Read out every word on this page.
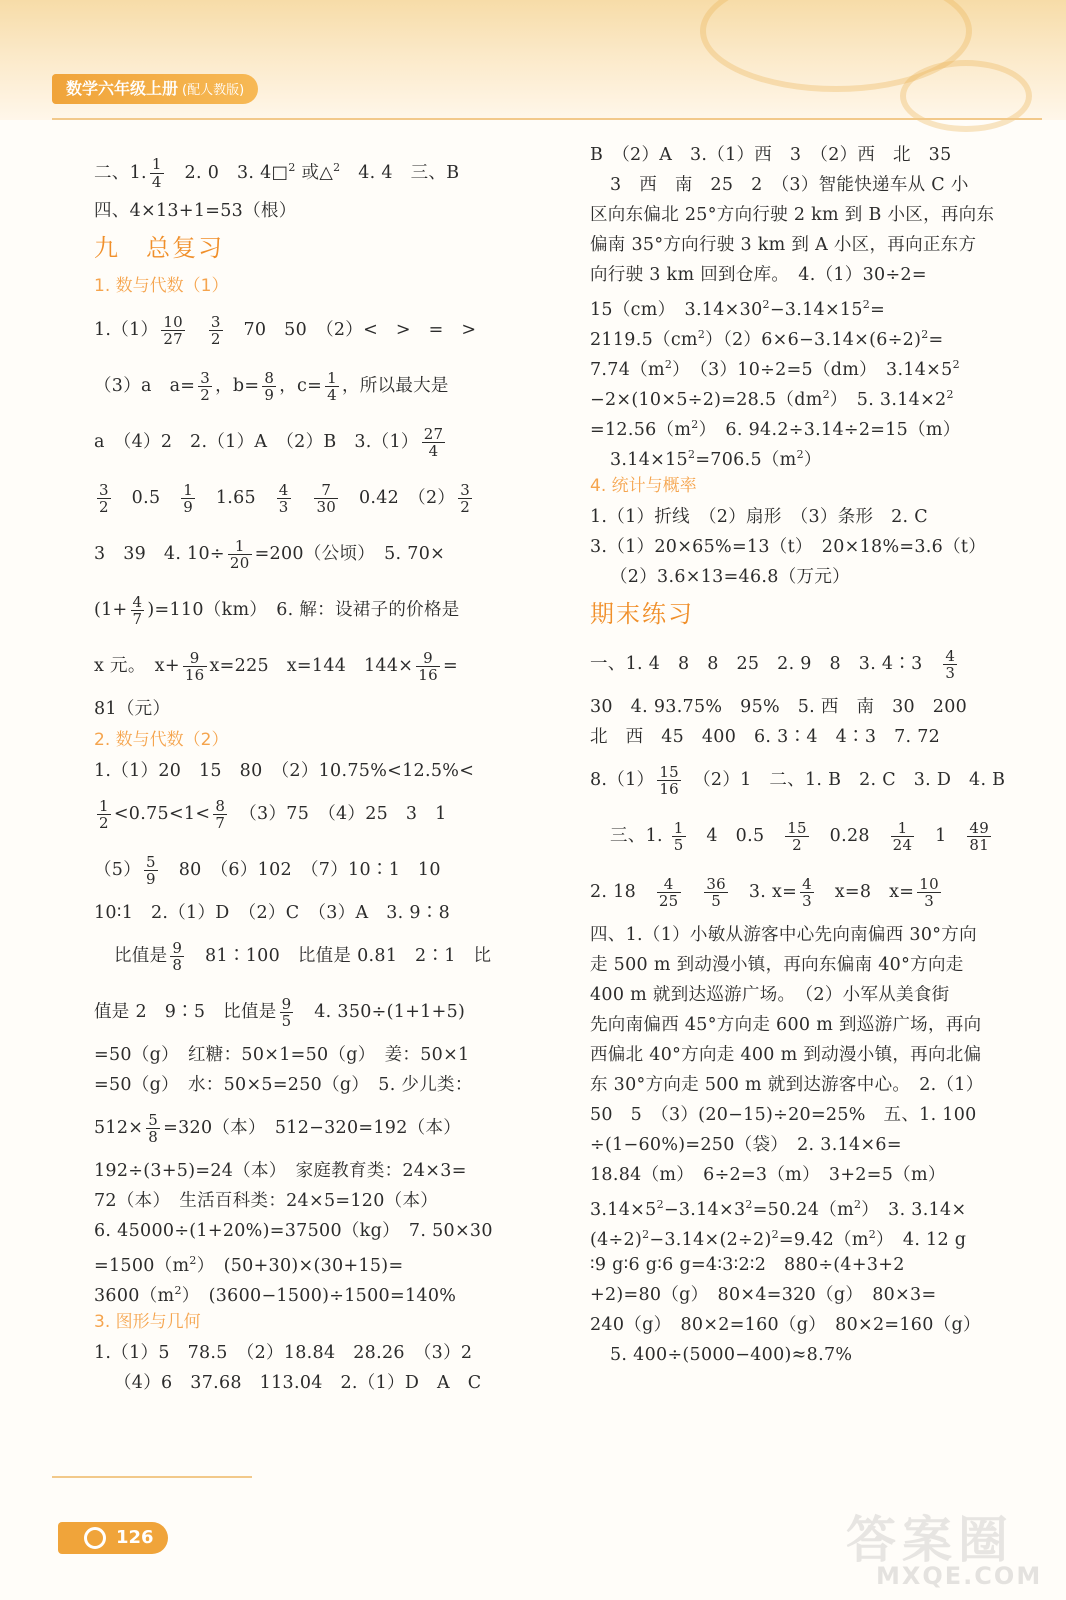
数学六年级上册 (配人教版)
二、1. $\frac{1}{4}$ 　2. 0　3. 4□$^2$ 或△$^2$　4. 4　三、B
四、4×13+1=53（根）
九　总复习
1. 数与代数（1）
$1.(1) \frac{10}{27}$
　 $\frac{3}{2}$ 　70　50　（2）<　>　=　>
（3）a　$a= \frac{3}{2}$ ，$b= \frac{8}{9}$ ，$c= \frac{1}{4}$ ，所以最大是
a　（4）2　2.（1）A　（2）B　$3.(1) \frac{27}{4}$
$\frac{3}{2}$ 　0.5　 $\frac{1}{9}$ 　1.65　 $\frac{4}{3}$
　 $\frac{7}{30}$ 　0.42　$(2) \frac{3}{2}$
3　39　4. $10\div \frac{1}{20} =200$（公顷）　5. 70×
$(1+ \frac{4}{7} )=110(km)$　6. 解：设裙子的价格是
x 元。　$x+ \frac{9}{16} x=225$　x=144　$144\times \frac{9}{16}$ =
81（元）
2. 数与代数（2）
1.（1）20　15　80　（2）10.75%<12.5%<
$\frac{1}{2} <0.75<1< \frac{8}{7}$ 　（3）75　（4）25　3　1
$(5) \frac{5}{9}$ 　80　（6）102　（7）10∶1　10
10∶1　2.（1）D　（2）C　（3）A　3. 9∶8
比值是 $\frac{9}{8}$ 　81∶100　比值是 0.81　2∶1　比
值是 2　9∶5　比值是 $\frac{9}{5}$ 　4. 350÷(1+1+5)
=50（g）　红糖：50×1=50（g）　姜：50×1
=50（g）　水：50×5=250（g）　5. 少儿类：
$512\times \frac{5}{8} =320$（本）　512−320=192（本）
192÷(3+5)=24（本）　家庭教育类：24×3=
72（本）　生活百科类：24×5=120（本）
6. 45000÷(1+20%)=37500（kg）　7. 50×30
$=1500(m^2)$　(50+30)×(30+15)=
$3600(m^2)$　(3600−1500)÷1500=140%
3. 图形与几何
1.（1）5　78.5　（2）18.84　28.26　（3）2
（4）6　37.68　113.04　2.（1）D　A　C
B　（2）A　3.（1）西　3　（2）西　北　35
3　西　南　25　2　（3）智能快递车从 C 小
区向东偏北 25°方向行驶 2 km 到 B 小区，再向东
偏南 35°方向行驶 3 km 到 A 小区，再向正东方
向行驶 3 km 回到仓库。　4.（1）30÷2=
15（cm）　$3.14\times 30^2-3.14\times 15^2=$
$2119.5(cm^2)(2)6\times 6-3.14\times(6\div 2)^2=$
$7.74(m^2)$　（3）10÷2=5（dm）　$3.14\times 5^2$
$-2\times(10\times 5\div 2)=28.5(dm^2)$　5. $3.14\times 2^2$
$=12.56(m^2)$　6. 94.2÷3.14÷2=15（m）
$3.14\times 15^2=706.5(m^2)$
4. 统计与概率
1.（1）折线　（2）扇形　（3）条形　2. C
3.（1）20×65%=13（t）　20×18%=3.6（t）
（2）3.6×13=46.8（万元）
期末练习
一、1. 4　8　8　25　2. 9　8　3. 4∶3　 $\frac{4}{3}$
30　4. 93.75%　95%　5. 西　南　30　200
北　西　45　400　6. 3∶4　4∶3　7. 72
$8.(1) \frac{15}{16}$ 　（2）1　二、1. B　2. C　3. D　4. B
三、1. $\frac{1}{5}$ 　4　0.5　 $\frac{15}{2}$ 　0.28　 $\frac{1}{24}$ 　1　 $\frac{49}{81}$
2. 18　 $\frac{4}{25}$
　 $\frac{36}{5}$ 　3. $x= \frac{4}{3}$ 　x=8　$x= \frac{10}{3}$
四、1.（1）小敏从游客中心先向南偏西 30°方向
走 500 m 到动漫小镇，再向东偏南 40°方向走
400 m 就到达巡游广场。　（2）小军从美食街
先向南偏西 45°方向走 600 m 到巡游广场，再向
西偏北 40°方向走 400 m 到动漫小镇，再向北偏
东 30°方向走 500 m 就到达游客中心。　2.（1）
50　5　（3）(20−15)÷20=25%　五、1. 100
÷(1−60%)=250（袋）　2. 3.14×6=
18.84（m）　6÷2=3（m）　3+2=5（m）
$3.14\times 5^2-3.14\times 3^2=50.24(m^2)$　3. 3.14×
$(4\div 2)^2-3.14\times(2\div 2)^2=9.42(m^2)$　4. 12 g
∶9 g∶6 g∶6 g=4∶3∶2∶2　880÷(4+3+2
+2)=80（g）　80×4=320（g）　80×3=
240（g）　80×2=160（g）　80×2=160（g）
5. 400÷(5000−400)≈8.7%
126	答案圈
MXQE.COM
